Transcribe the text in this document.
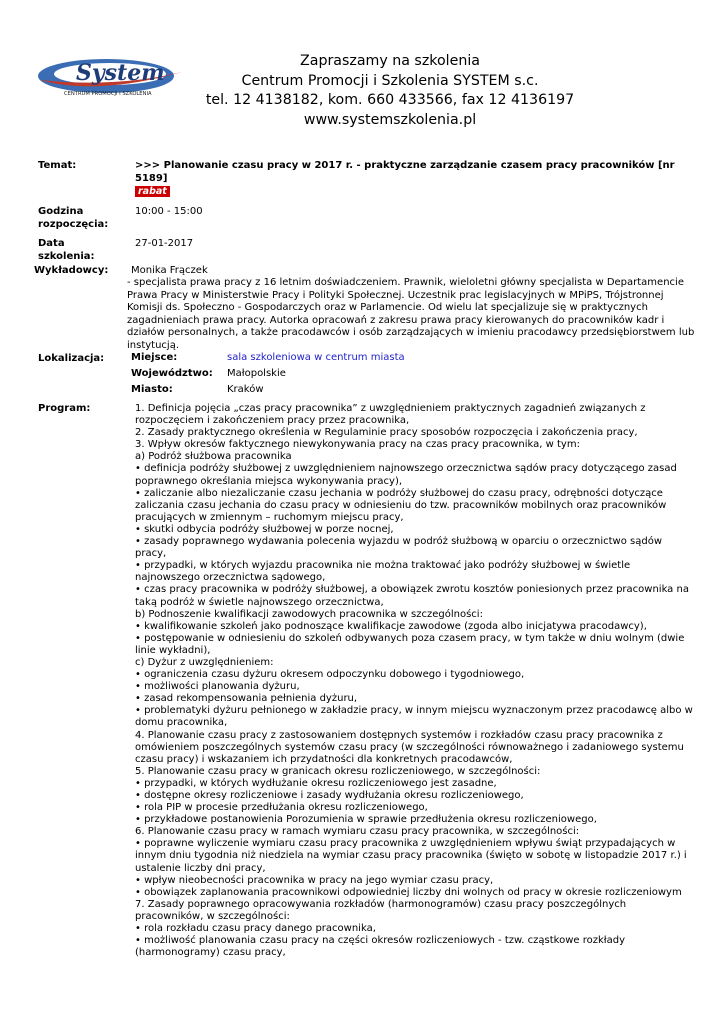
System
CENTRUM PROMOCJI I SZKOLENIA
Zapraszamy na szkolenia
Centrum Promocji i Szkolenia SYSTEM s.c.
tel. 12 4138182, kom. 660 433566, fax 12 4136197
www.systemszkolenia.pl
Temat:	>>> Planowanie czasu pracy w 2017 r. - praktyczne zarządzanie czasem pracy pracowników [nr 5189]
rabat
Godzina
rozpoczęcia:
10:00 - 15:00
Data
szkolenia:
27-01-2017
Wykładowcy: Monika Frączek
- specjalista prawa pracy z 16 letnim doświadczeniem. Prawnik, wieloletni główny specjalista w Departamencie Prawa Pracy w Ministerstwie Pracy i Polityki Społecznej. Uczestnik prac legislacyjnych w MPiPS, Trójstronnej Komisji ds. Społeczno - Gospodarczych oraz w Parlamencie. Od wielu lat specjalizuje się w praktycznych zagadnieniach prawa pracy. Autorka opracowań z zakresu prawa pracy kierowanych do pracowników kadr i działów personalnych, a także pracodawców i osób zarządzających w imieniu pracodawcy przedsiębiorstwem lub instytucją.
Lokalizacja:	Miejsce:	sala szkoleniowa w centrum miasta
Województwo: Małopolskie
Miasto:	Kraków
Program:	1. Definicja pojęcia „czas pracy pracownika” z uwzględnieniem praktycznych zagadnień związanych z rozpoczęciem i zakończeniem pracy przez pracownika,
2. Zasady praktycznego określenia w Regulaminie pracy sposobów rozpoczęcia i zakończenia pracy,
3. Wpływ okresów faktycznego niewykonywania pracy na czas pracy pracownika, w tym:
a) Podróż służbowa pracownika
• definicja podróży służbowej z uwzględnieniem najnowszego orzecznictwa sądów pracy dotyczącego zasad poprawnego określania miejsca wykonywania pracy),
• zaliczanie albo niezaliczanie czasu jechania w podróży służbowej do czasu pracy, odrębności dotyczące zaliczania czasu jechania do czasu pracy w odniesieniu do tzw. pracowników mobilnych oraz pracowników pracujących w zmiennym – ruchomym miejscu pracy,
• skutki odbycia podróży służbowej w porze nocnej,
• zasady poprawnego wydawania polecenia wyjazdu w podróż służbową w oparciu o orzecznictwo sądów pracy,
• przypadki, w których wyjazdu pracownika nie można traktować jako podróży służbowej w świetle najnowszego orzecznictwa sądowego,
• czas pracy pracownika w podróży służbowej, a obowiązek zwrotu kosztów poniesionych przez pracownika na taką podróż w świetle najnowszego orzecznictwa,
b) Podnoszenie kwalifikacji zawodowych pracownika w szczególności:
• kwalifikowanie szkoleń jako podnoszące kwalifikacje zawodowe (zgoda albo inicjatywa pracodawcy),
• postępowanie w odniesieniu do szkoleń odbywanych poza czasem pracy, w tym także w dniu wolnym (dwie linie wykładni),
c) Dyżur z uwzględnieniem:
• ograniczenia czasu dyżuru okresem odpoczynku dobowego i tygodniowego,
• możliwości planowania dyżuru,
• zasad rekompensowania pełnienia dyżuru,
• problematyki dyżuru pełnionego w zakładzie pracy, w innym miejscu wyznaczonym przez pracodawcę albo w domu pracownika,
4. Planowanie czasu pracy z zastosowaniem dostępnych systemów i rozkładów czasu pracy pracownika z omówieniem poszczególnych systemów czasu pracy (w szczególności równoważnego i zadaniowego systemu czasu pracy) i wskazaniem ich przydatności dla konkretnych pracodawców,
5. Planowanie czasu pracy w granicach okresu rozliczeniowego, w szczególności:
• przypadki, w których wydłużanie okresu rozliczeniowego jest zasadne,
• dostępne okresy rozliczeniowe i zasady wydłużania okresu rozliczeniowego,
• rola PIP w procesie przedłużania okresu rozliczeniowego,
• przykładowe postanowienia Porozumienia w sprawie przedłużenia okresu rozliczeniowego,
6. Planowanie czasu pracy w ramach wymiaru czasu pracy pracownika, w szczególności:
• poprawne wyliczenie wymiaru czasu pracy pracownika z uwzględnieniem wpływu świąt przypadających w innym dniu tygodnia niż niedziela na wymiar czasu pracy pracownika (święto w sobotę w listopadzie 2017 r.) i ustalenie liczby dni pracy,
• wpływ nieobecności pracownika w pracy na jego wymiar czasu pracy,
• obowiązek zaplanowania pracownikowi odpowiedniej liczby dni wolnych od pracy w okresie rozliczeniowym
7. Zasady poprawnego opracowywania rozkładów (harmonogramów) czasu pracy poszczególnych pracowników, w szczególności:
• rola rozkładu czasu pracy danego pracownika,
• możliwość planowania czasu pracy na części okresów rozliczeniowych - tzw. cząstkowe rozkłady (harmonogramy) czasu pracy,
